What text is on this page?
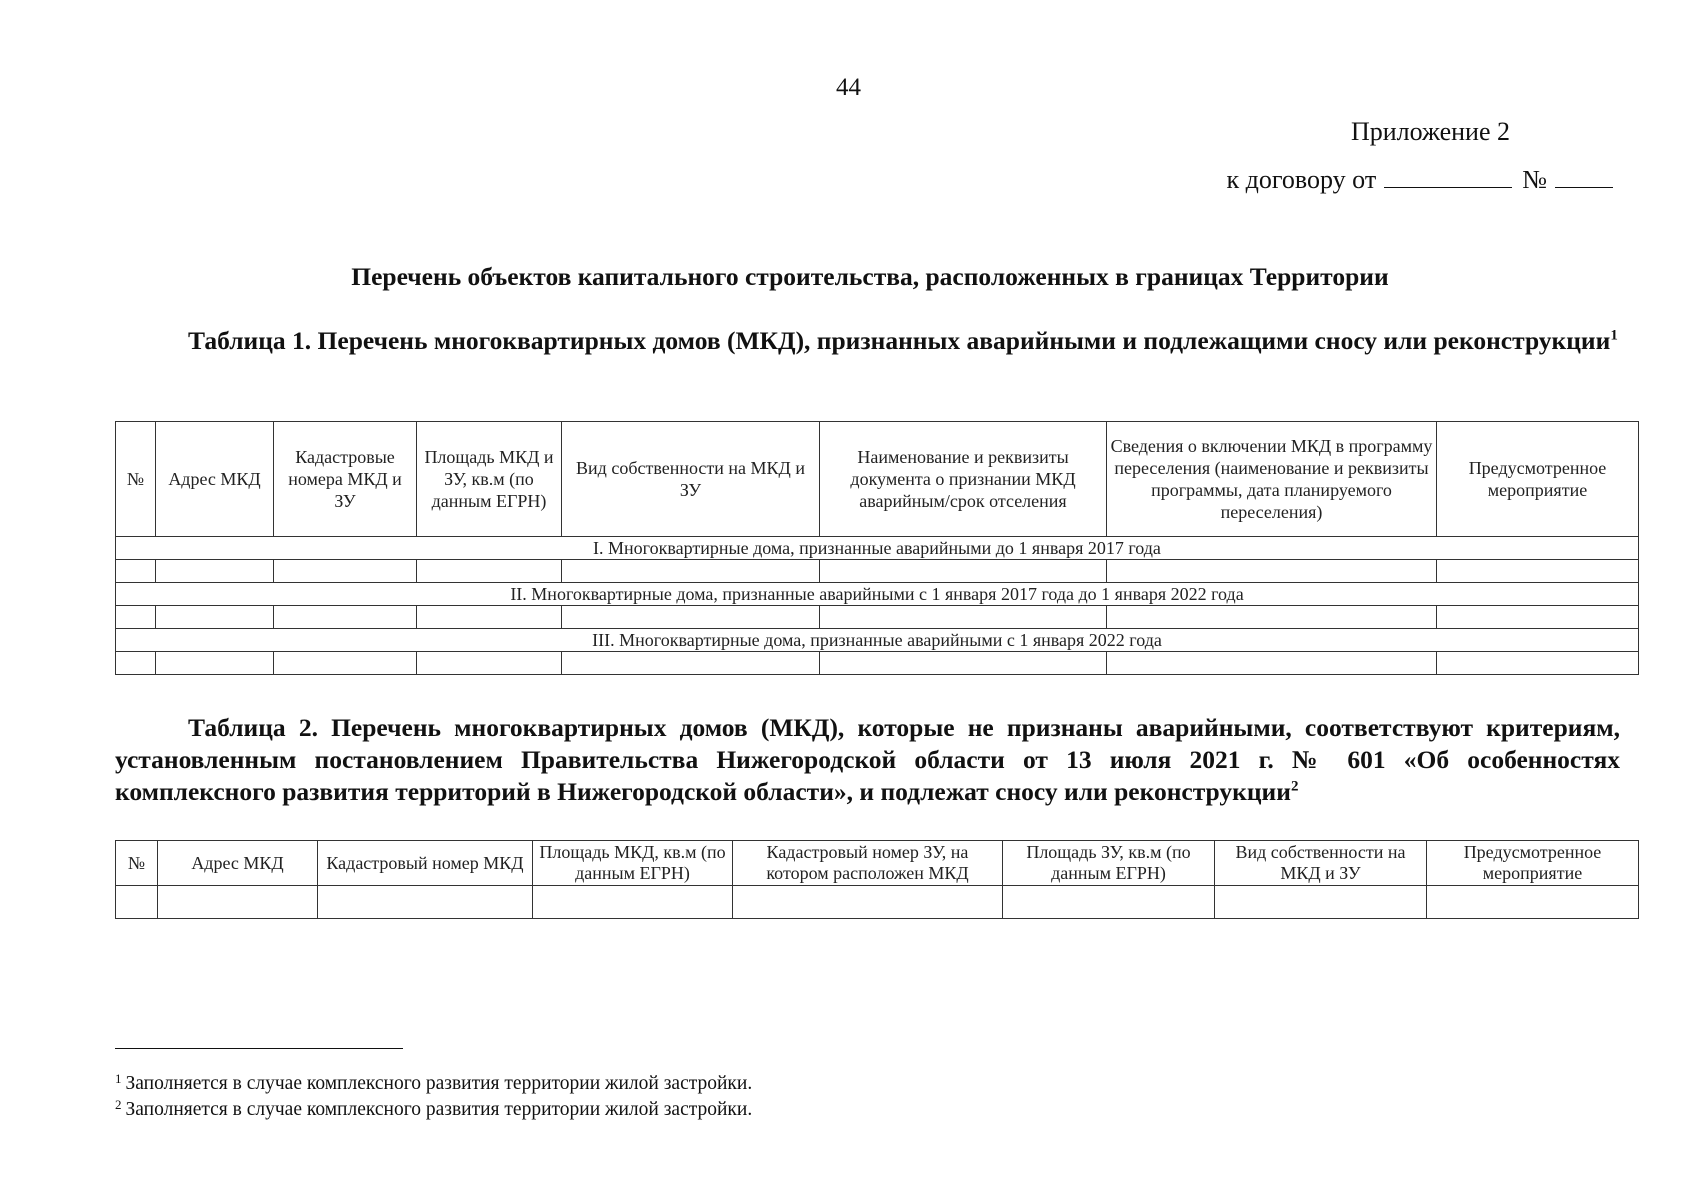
44
Приложение 2
к договору от	№
Перечень объектов капитального строительства, расположенных в границах Территории
Таблица 1. Перечень многоквартирных домов (МКД), признанных аварийными и подлежащими сносу или реконструкции$^1$
№	Адрес МКД	Кадастровые номера МКД и ЗУ	Площадь МКД и ЗУ, кв.м (по данным ЕГРН)	Вид собственности на МКД и ЗУ	Наименование и реквизиты документа о признании МКД аварийным/срок отселения	Сведения о включении МКД в программу переселения (наименование и реквизиты программы, дата планируемого переселения)	Предусмотренное мероприятие
I. Многоквартирные дома, признанные аварийными до 1 января 2017 года							

II. Многоквартирные дома, признанные аварийными с 1 января 2017 года до 1 января 2022 года							

III. Многоквартирные дома, признанные аварийными с 1 января 2022 года							

Таблица 2. Перечень многоквартирных домов (МКД), которые не признаны аварийными, соответствуют критериям, установленным постановлением Правительства Нижегородской области от 13 июля 2021 г. № 601 «Об особенностях комплексного развития территорий в Нижегородской области», и подлежат сносу или реконструкции$^2$
№	Адрес МКД	Кадастровый номер МКД	Площадь МКД, кв.м (по данным ЕГРН)	Кадастровый номер ЗУ, на котором расположен МКД	Площадь ЗУ, кв.м (по данным ЕГРН)	Вид собственности на МКД и ЗУ	Предусмотренное мероприятие

$^1$ Заполняется в случае комплексного развития территории жилой застройки.
$^2$ Заполняется в случае комплексного развития территории жилой застройки.
